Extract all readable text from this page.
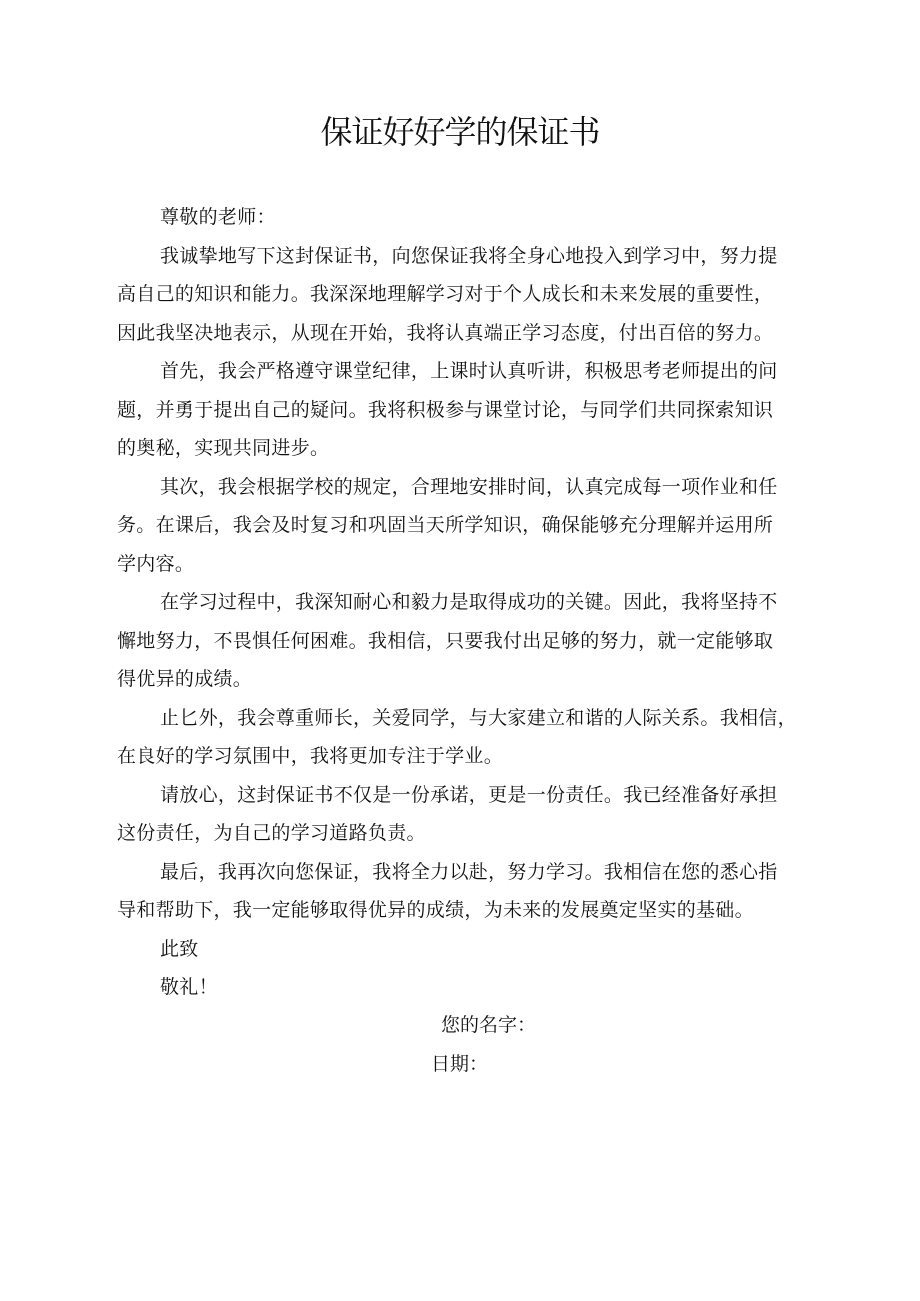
保证好好学的保证书
尊敬的老师：
我诚挚地写下这封保证书，向您保证我将全身心地投入到学习中，努力提
高自己的知识和能力。我深深地理解学习对于个人成长和未来发展的重要性，
因此我坚决地表示，从现在开始，我将认真端正学习态度，付出百倍的努力。
首先，我会严格遵守课堂纪律，上课时认真听讲，积极思考老师提出的问
题，并勇于提出自己的疑问。我将积极参与课堂讨论，与同学们共同探索知识
的奥秘，实现共同进步。
其次，我会根据学校的规定，合理地安排时间，认真完成每一项作业和任
务。在课后，我会及时复习和巩固当天所学知识，确保能够充分理解并运用所
学内容。
在学习过程中，我深知耐心和毅力是取得成功的关键。因此，我将坚持不
懈地努力，不畏惧任何困难。我相信，只要我付出足够的努力，就一定能够取
得优异的成绩。
止匕外，我会尊重师长，关爱同学，与大家建立和谐的人际关系。我相信，
在良好的学习氛围中，我将更加专注于学业。
请放心，这封保证书不仅是一份承诺，更是一份责任。我已经准备好承担
这份责任，为自己的学习道路负责。
最后，我再次向您保证，我将全力以赴，努力学习。我相信在您的悉心指
导和帮助下，我一定能够取得优异的成绩，为未来的发展奠定坚实的基础。
此致
敬礼！
您的名字：
日期：
